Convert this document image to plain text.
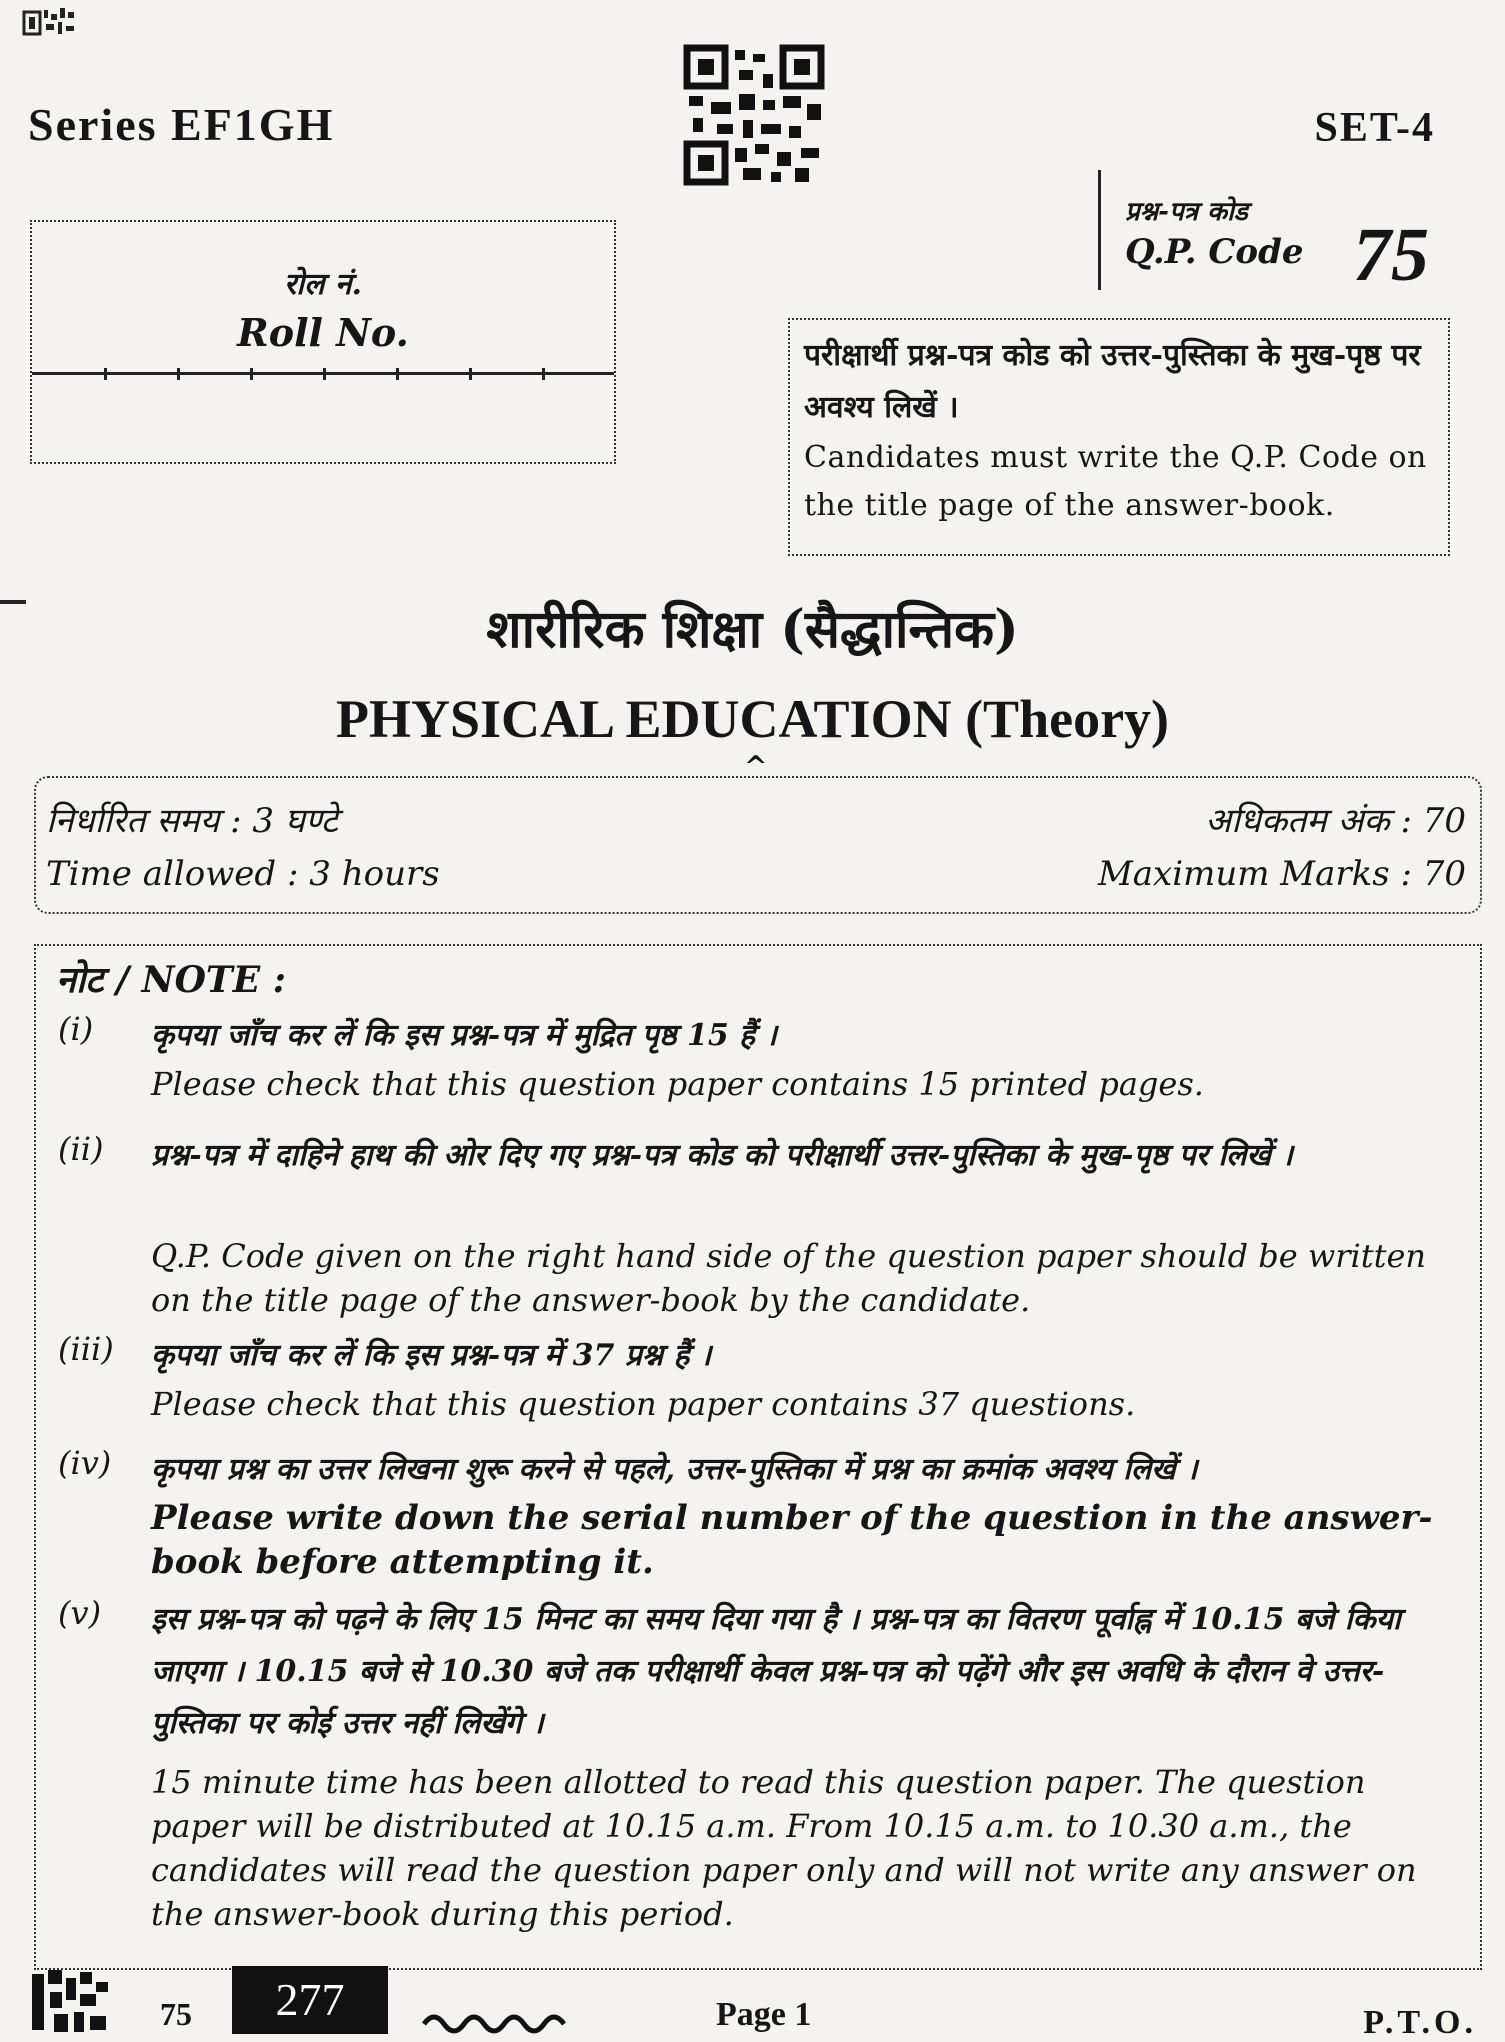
Series EF1GH	SET-4
प्रश्न-पत्र कोड
Q.P. Code 75
रोल नं.
Roll No.
परीक्षार्थी प्रश्न-पत्र कोड को उत्तर-पुस्तिका के मुख-पृष्ठ पर अवश्य लिखें ।
Candidates must write the Q.P. Code on the title page of the answer-book.
शारीरिक शिक्षा (सैद्धान्तिक)
PHYSICAL EDUCATION (Theory)
^
निर्धारित समय : 3 घण्टे	अधिकतम अंक : 70
Time allowed : 3 hours	Maximum Marks : 70
नोट / NOTE :
(i) कृपया जाँच कर लें कि इस प्रश्न-पत्र में मुद्रित पृष्ठ 15 हैं ।
Please check that this question paper contains 15 printed pages.
(ii) प्रश्न-पत्र में दाहिने हाथ की ओर दिए गए प्रश्न-पत्र कोड को परीक्षार्थी उत्तर-पुस्तिका के मुख-पृष्ठ पर लिखें ।
Q.P. Code given on the right hand side of the question paper should be written on the title page of the answer-book by the candidate.
(iii) कृपया जाँच कर लें कि इस प्रश्न-पत्र में 37 प्रश्न हैं ।
Please check that this question paper contains 37 questions.
(iv) कृपया प्रश्न का उत्तर लिखना शुरू करने से पहले, उत्तर-पुस्तिका में प्रश्न का क्रमांक अवश्य लिखें ।
Please write down the serial number of the question in the answer-book before attempting it.
(v) इस प्रश्न-पत्र को पढ़ने के लिए 15 मिनट का समय दिया गया है । प्रश्न-पत्र का वितरण पूर्वाह्न में 10.15 बजे किया जाएगा । 10.15 बजे से 10.30 बजे तक परीक्षार्थी केवल प्रश्न-पत्र को पढ़ेंगे और इस अवधि के दौरान वे उत्तर-पुस्तिका पर कोई उत्तर नहीं लिखेंगे ।
15 minute time has been allotted to read this question paper. The question paper will be distributed at 10.15 a.m. From 10.15 a.m. to 10.30 a.m., the candidates will read the question paper only and will not write any answer on the answer-book during this period.
75	277	Page 1	P.T.O.
